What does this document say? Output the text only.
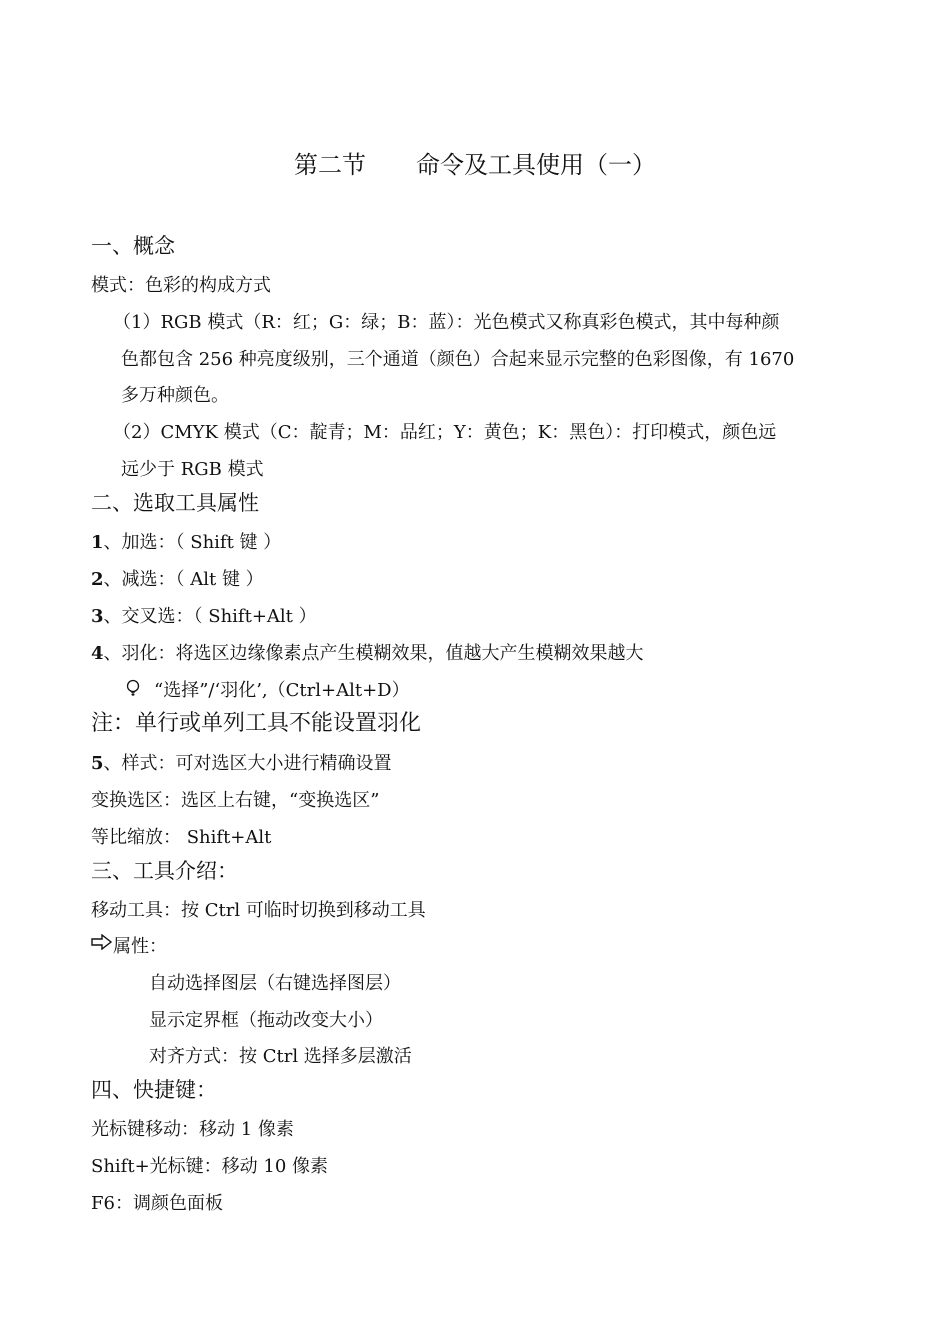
第二节 命令及工具使用（一）
一、概念
模式：色彩的构成方式
（1）RGB 模式（R：红；G：绿；B：蓝）：光色模式又称真彩色模式，其中每种颜
色都包含 256 种亮度级别，三个通道（颜色）合起来显示完整的色彩图像，有 1670
多万种颜色。
（2）CMYK 模式（C：靛青；M：品红；Y：黄色；K：黑色）：打印模式，颜色远
远少于 RGB 模式
二、选取工具属性
1、加选：（ Shift 键 ）
2、减选：（ Alt 键 ）
3、交叉选：（ Shift+Alt ）
4、羽化：将选区边缘像素点产生模糊效果，值越大产生模糊效果越大
“选择”/‘羽化’,（Ctrl+Alt+D）
注：单行或单列工具不能设置羽化
5、样式：可对选区大小进行精确设置
变换选区：选区上右键，“变换选区”
等比缩放： Shift+Alt
三、工具介绍：
移动工具：按 Ctrl 可临时切换到移动工具
属性：
自动选择图层（右键选择图层）
显示定界框（拖动改变大小）
对齐方式：按 Ctrl 选择多层激活
四、快捷键：
光标键移动：移动 1 像素
Shift+光标键：移动 10 像素
F6：调颜色面板
